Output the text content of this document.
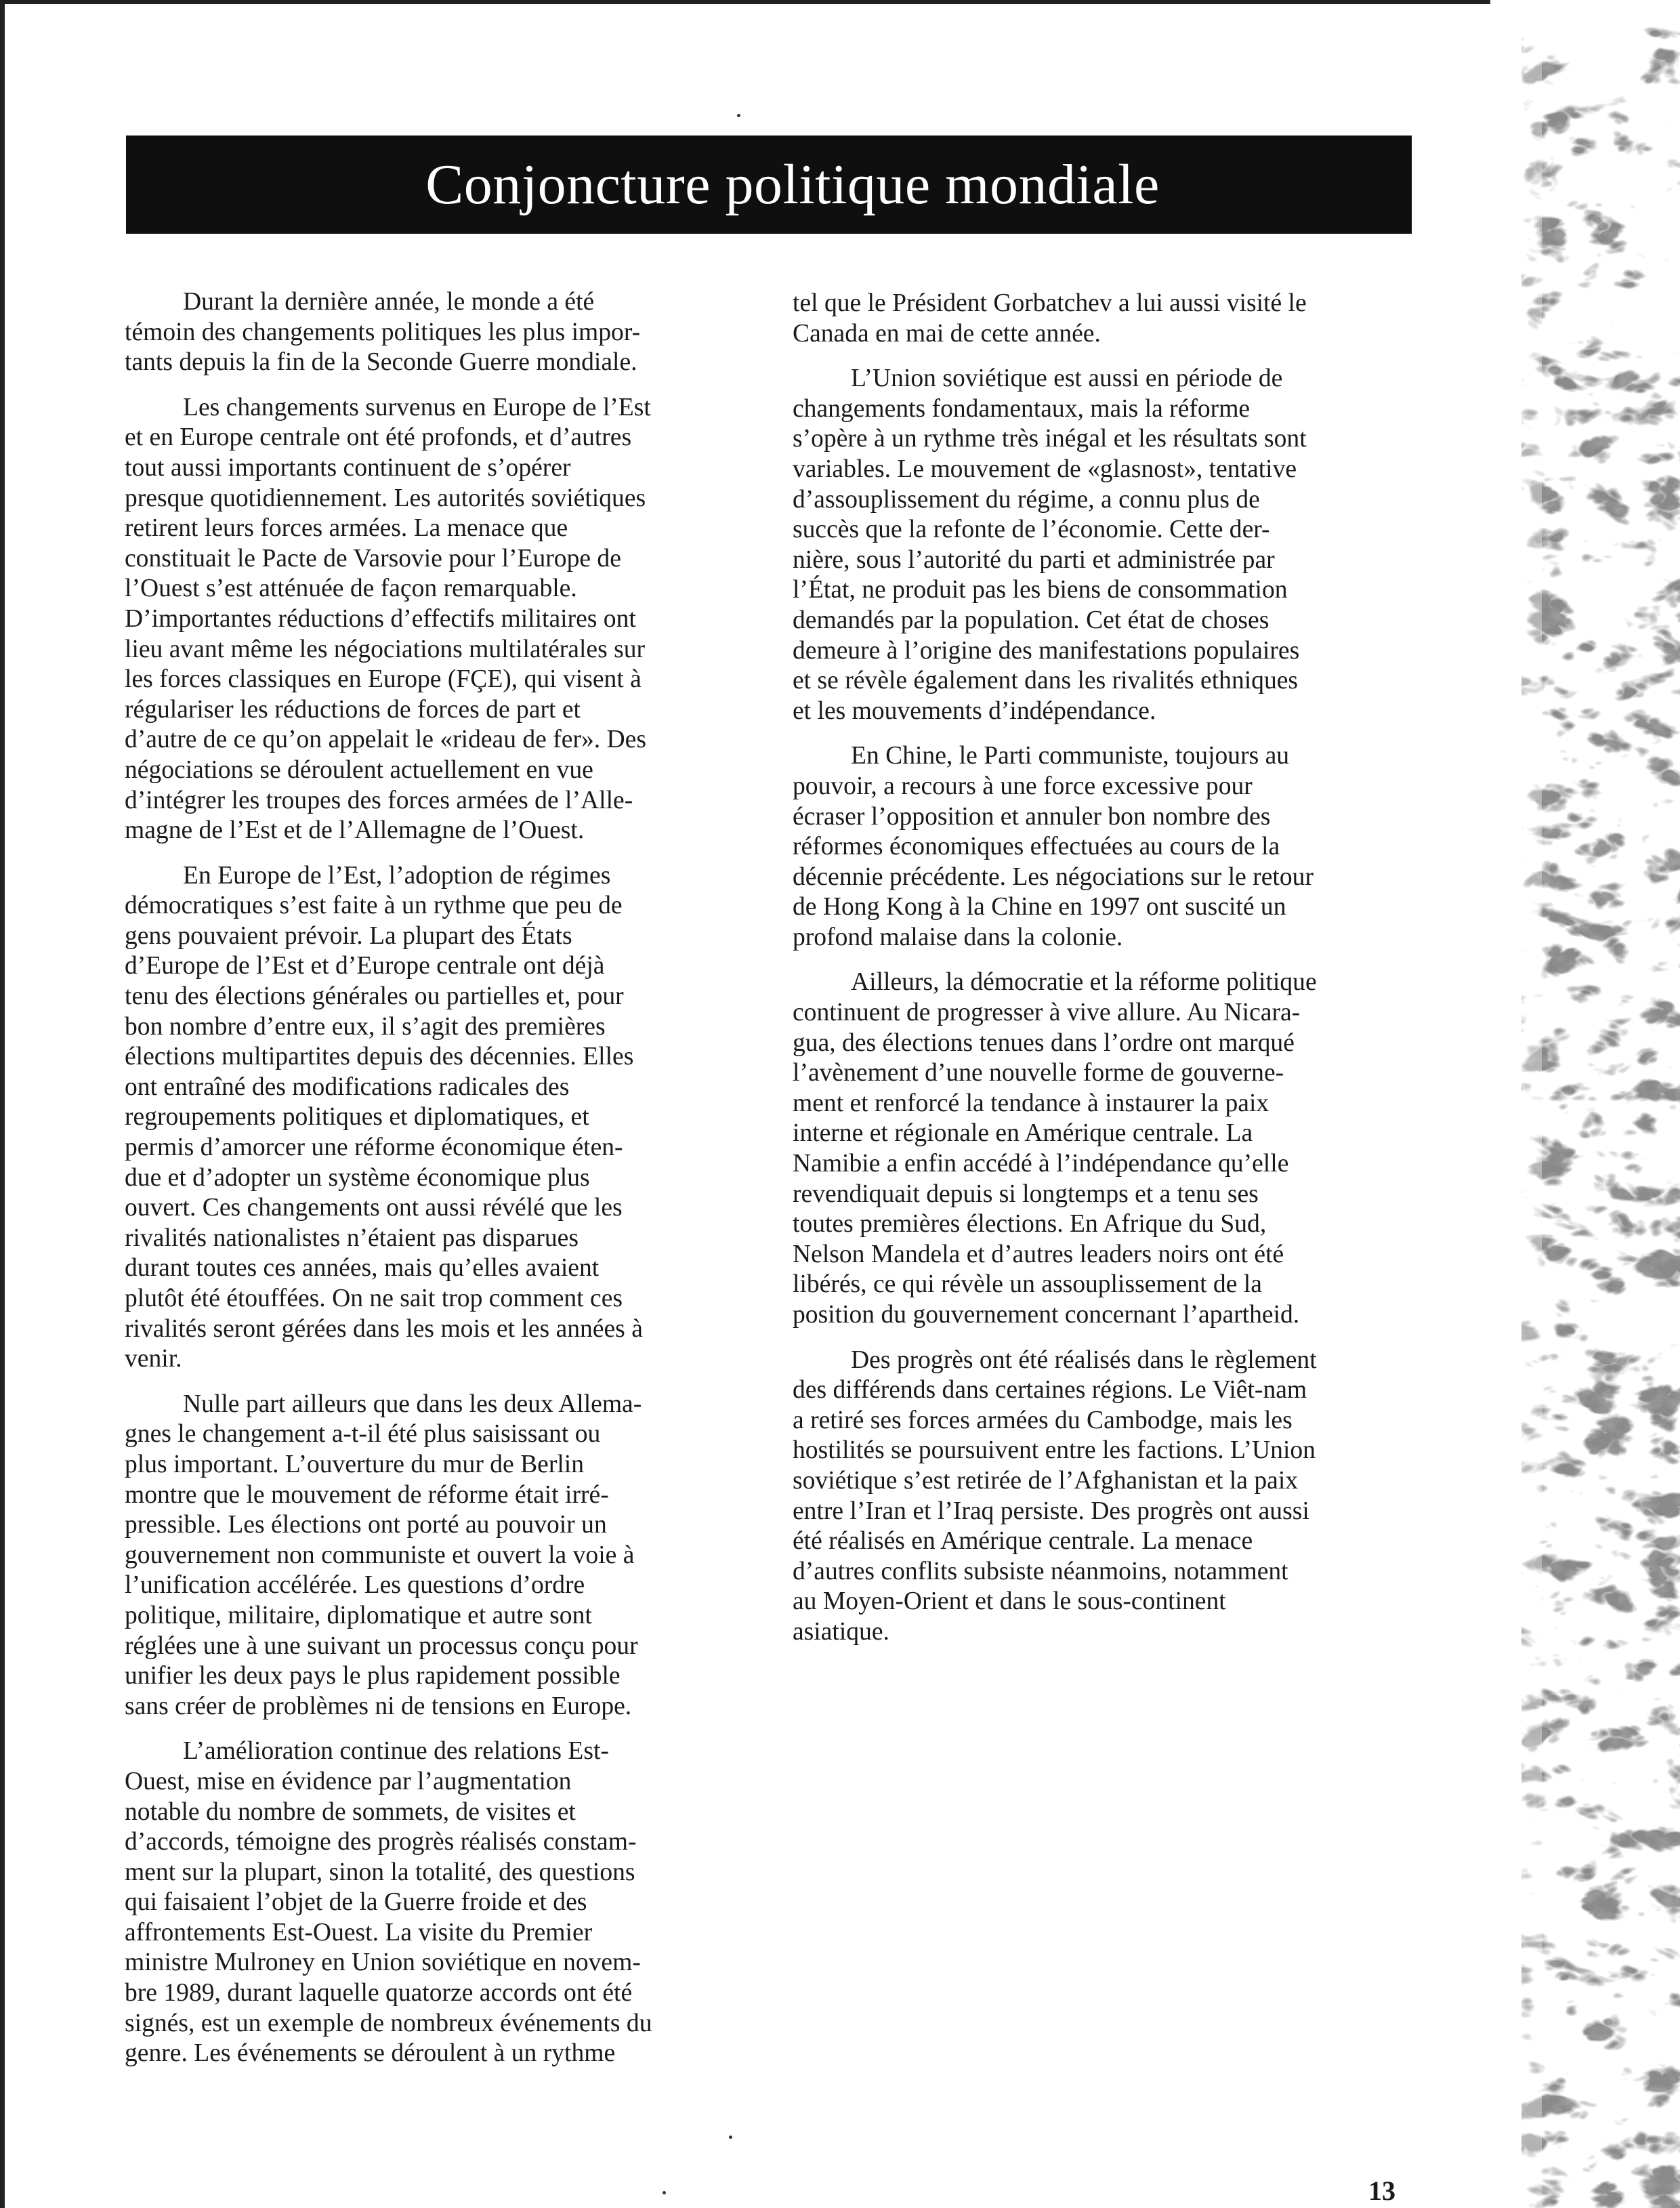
Conjoncture politique mondiale

Durant la dernière année, le monde a été
témoin des changements politiques les plus impor-
tants depuis la fin de la Seconde Guerre mondiale.

Les changements survenus en Europe de l’Est
et en Europe centrale ont été profonds, et d’autres
tout aussi importants continuent de s’opérer
presque quotidiennement. Les autorités soviétiques
retirent leurs forces armées. La menace que
constituait le Pacte de Varsovie pour l’Europe de
l’Ouest s’est atténuée de façon remarquable.
D’importantes réductions d’effectifs militaires ont
lieu avant même les négociations multilatérales sur
les forces classiques en Europe (FÇE), qui visent à
régulariser les réductions de forces de part et
d’autre de ce qu’on appelait le «rideau de fer». Des
négociations se déroulent actuellement en vue
d’intégrer les troupes des forces armées de l’Alle-
magne de l’Est et de l’Allemagne de l’Ouest.

En Europe de l’Est, l’adoption de régimes
démocratiques s’est faite à un rythme que peu de
gens pouvaient prévoir. La plupart des États
d’Europe de l’Est et d’Europe centrale ont déjà
tenu des élections générales ou partielles et, pour
bon nombre d’entre eux, il s’agit des premières
élections multipartites depuis des décennies. Elles
ont entraîné des modifications radicales des
regroupements politiques et diplomatiques, et
permis d’amorcer une réforme économique éten-
due et d’adopter un système économique plus
ouvert. Ces changements ont aussi révélé que les
rivalités nationalistes n’étaient pas disparues
durant toutes ces années, mais qu’elles avaient
plutôt été étouffées. On ne sait trop comment ces
rivalités seront gérées dans les mois et les années à
venir.

Nulle part ailleurs que dans les deux Allema-
gnes le changement a-t-il été plus saisissant ou
plus important. L’ouverture du mur de Berlin
montre que le mouvement de réforme était irré-
pressible. Les élections ont porté au pouvoir un
gouvernement non communiste et ouvert la voie à
l’unification accélérée. Les questions d’ordre
politique, militaire, diplomatique et autre sont
réglées une à une suivant un processus conçu pour
unifier les deux pays le plus rapidement possible
sans créer de problèmes ni de tensions en Europe.

L’amélioration continue des relations Est-
Ouest, mise en évidence par l’augmentation
notable du nombre de sommets, de visites et
d’accords, témoigne des progrès réalisés constam-
ment sur la plupart, sinon la totalité, des questions
qui faisaient l’objet de la Guerre froide et des
affrontements Est-Ouest. La visite du Premier
ministre Mulroney en Union soviétique en novem-
bre 1989, durant laquelle quatorze accords ont été
signés, est un exemple de nombreux événements du
genre. Les événements se déroulent à un rythme

tel que le Président Gorbatchev a lui aussi visité le
Canada en mai de cette année.

L’Union soviétique est aussi en période de
changements fondamentaux, mais la réforme
s’opère à un rythme très inégal et les résultats sont
variables. Le mouvement de «glasnost», tentative
d’assouplissement du régime, a connu plus de
succès que la refonte de l’économie. Cette der-
nière, sous l’autorité du parti et administrée par
l’État, ne produit pas les biens de consommation
demandés par la population. Cet état de choses
demeure à l’origine des manifestations populaires
et se révèle également dans les rivalités ethniques
et les mouvements d’indépendance.

En Chine, le Parti communiste, toujours au
pouvoir, a recours à une force excessive pour
écraser l’opposition et annuler bon nombre des
réformes économiques effectuées au cours de la
décennie précédente. Les négociations sur le retour
de Hong Kong à la Chine en 1997 ont suscité un
profond malaise dans la colonie.

Ailleurs, la démocratie et la réforme politique
continuent de progresser à vive allure. Au Nicara-
gua, des élections tenues dans l’ordre ont marqué
l’avènement d’une nouvelle forme de gouverne-
ment et renforcé la tendance à instaurer la paix
interne et régionale en Amérique centrale. La
Namibie a enfin accédé à l’indépendance qu’elle
revendiquait depuis si longtemps et a tenu ses
toutes premières élections. En Afrique du Sud,
Nelson Mandela et d’autres leaders noirs ont été
libérés, ce qui révèle un assouplissement de la
position du gouvernement concernant l’apartheid.

Des progrès ont été réalisés dans le règlement
des différends dans certaines régions. Le Viêt-nam
a retiré ses forces armées du Cambodge, mais les
hostilités se poursuivent entre les factions. L’Union
soviétique s’est retirée de l’Afghanistan et la paix
entre l’Iran et l’Iraq persiste. Des progrès ont aussi
été réalisés en Amérique centrale. La menace
d’autres conflits subsiste néanmoins, notamment
au Moyen-Orient et dans le sous-continent
asiatique.

13
